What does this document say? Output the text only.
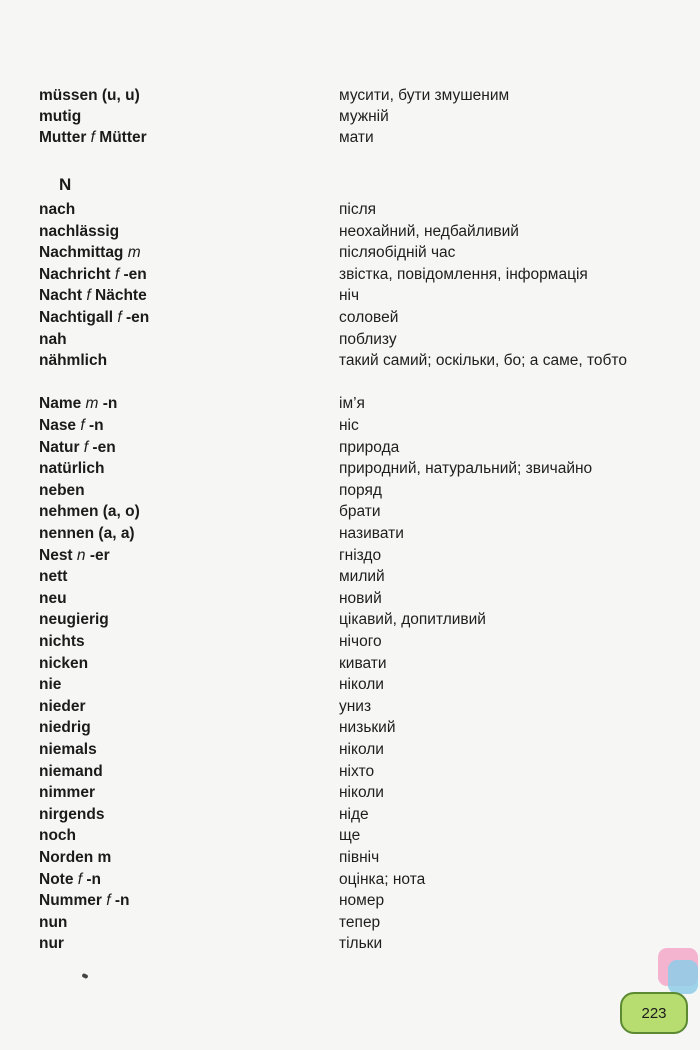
müssen (u, u)	мусити, бути змушеним
mutig	мужній
Mutter f Mütter	мати
N
nach	після
nachlässig	неохайний, недбайливий
Nachmittag m	післяобідній час
Nachricht f -en	звістка, повідомлення, інформація
Nacht f Nächte	ніч
Nachtigall f -en	соловей
nah	поблизу
nähmlich	такий самий; оскільки, бо; а саме, тобто
Name m -n	ім’я
Nase f -n	ніс
Natur f -en	природа
natürlich	природний, натуральний; звичайно
neben	поряд
nehmen (a, o)	брати
nennen (a, a)	називати
Nest n -er	гніздо
nett	милий
neu	новий
neugierig	цікавий, допитливий
nichts	нічого
nicken	кивати
nie	ніколи
nieder	униз
niedrig	низький
niemals	ніколи
niemand	ніхто
nimmer	ніколи
nirgends	ніде
noch	ще
Norden m	північ
Note f -n	оцінка; нота
Nummer f -n	номер
nun	тепер
nur	тільки
223
